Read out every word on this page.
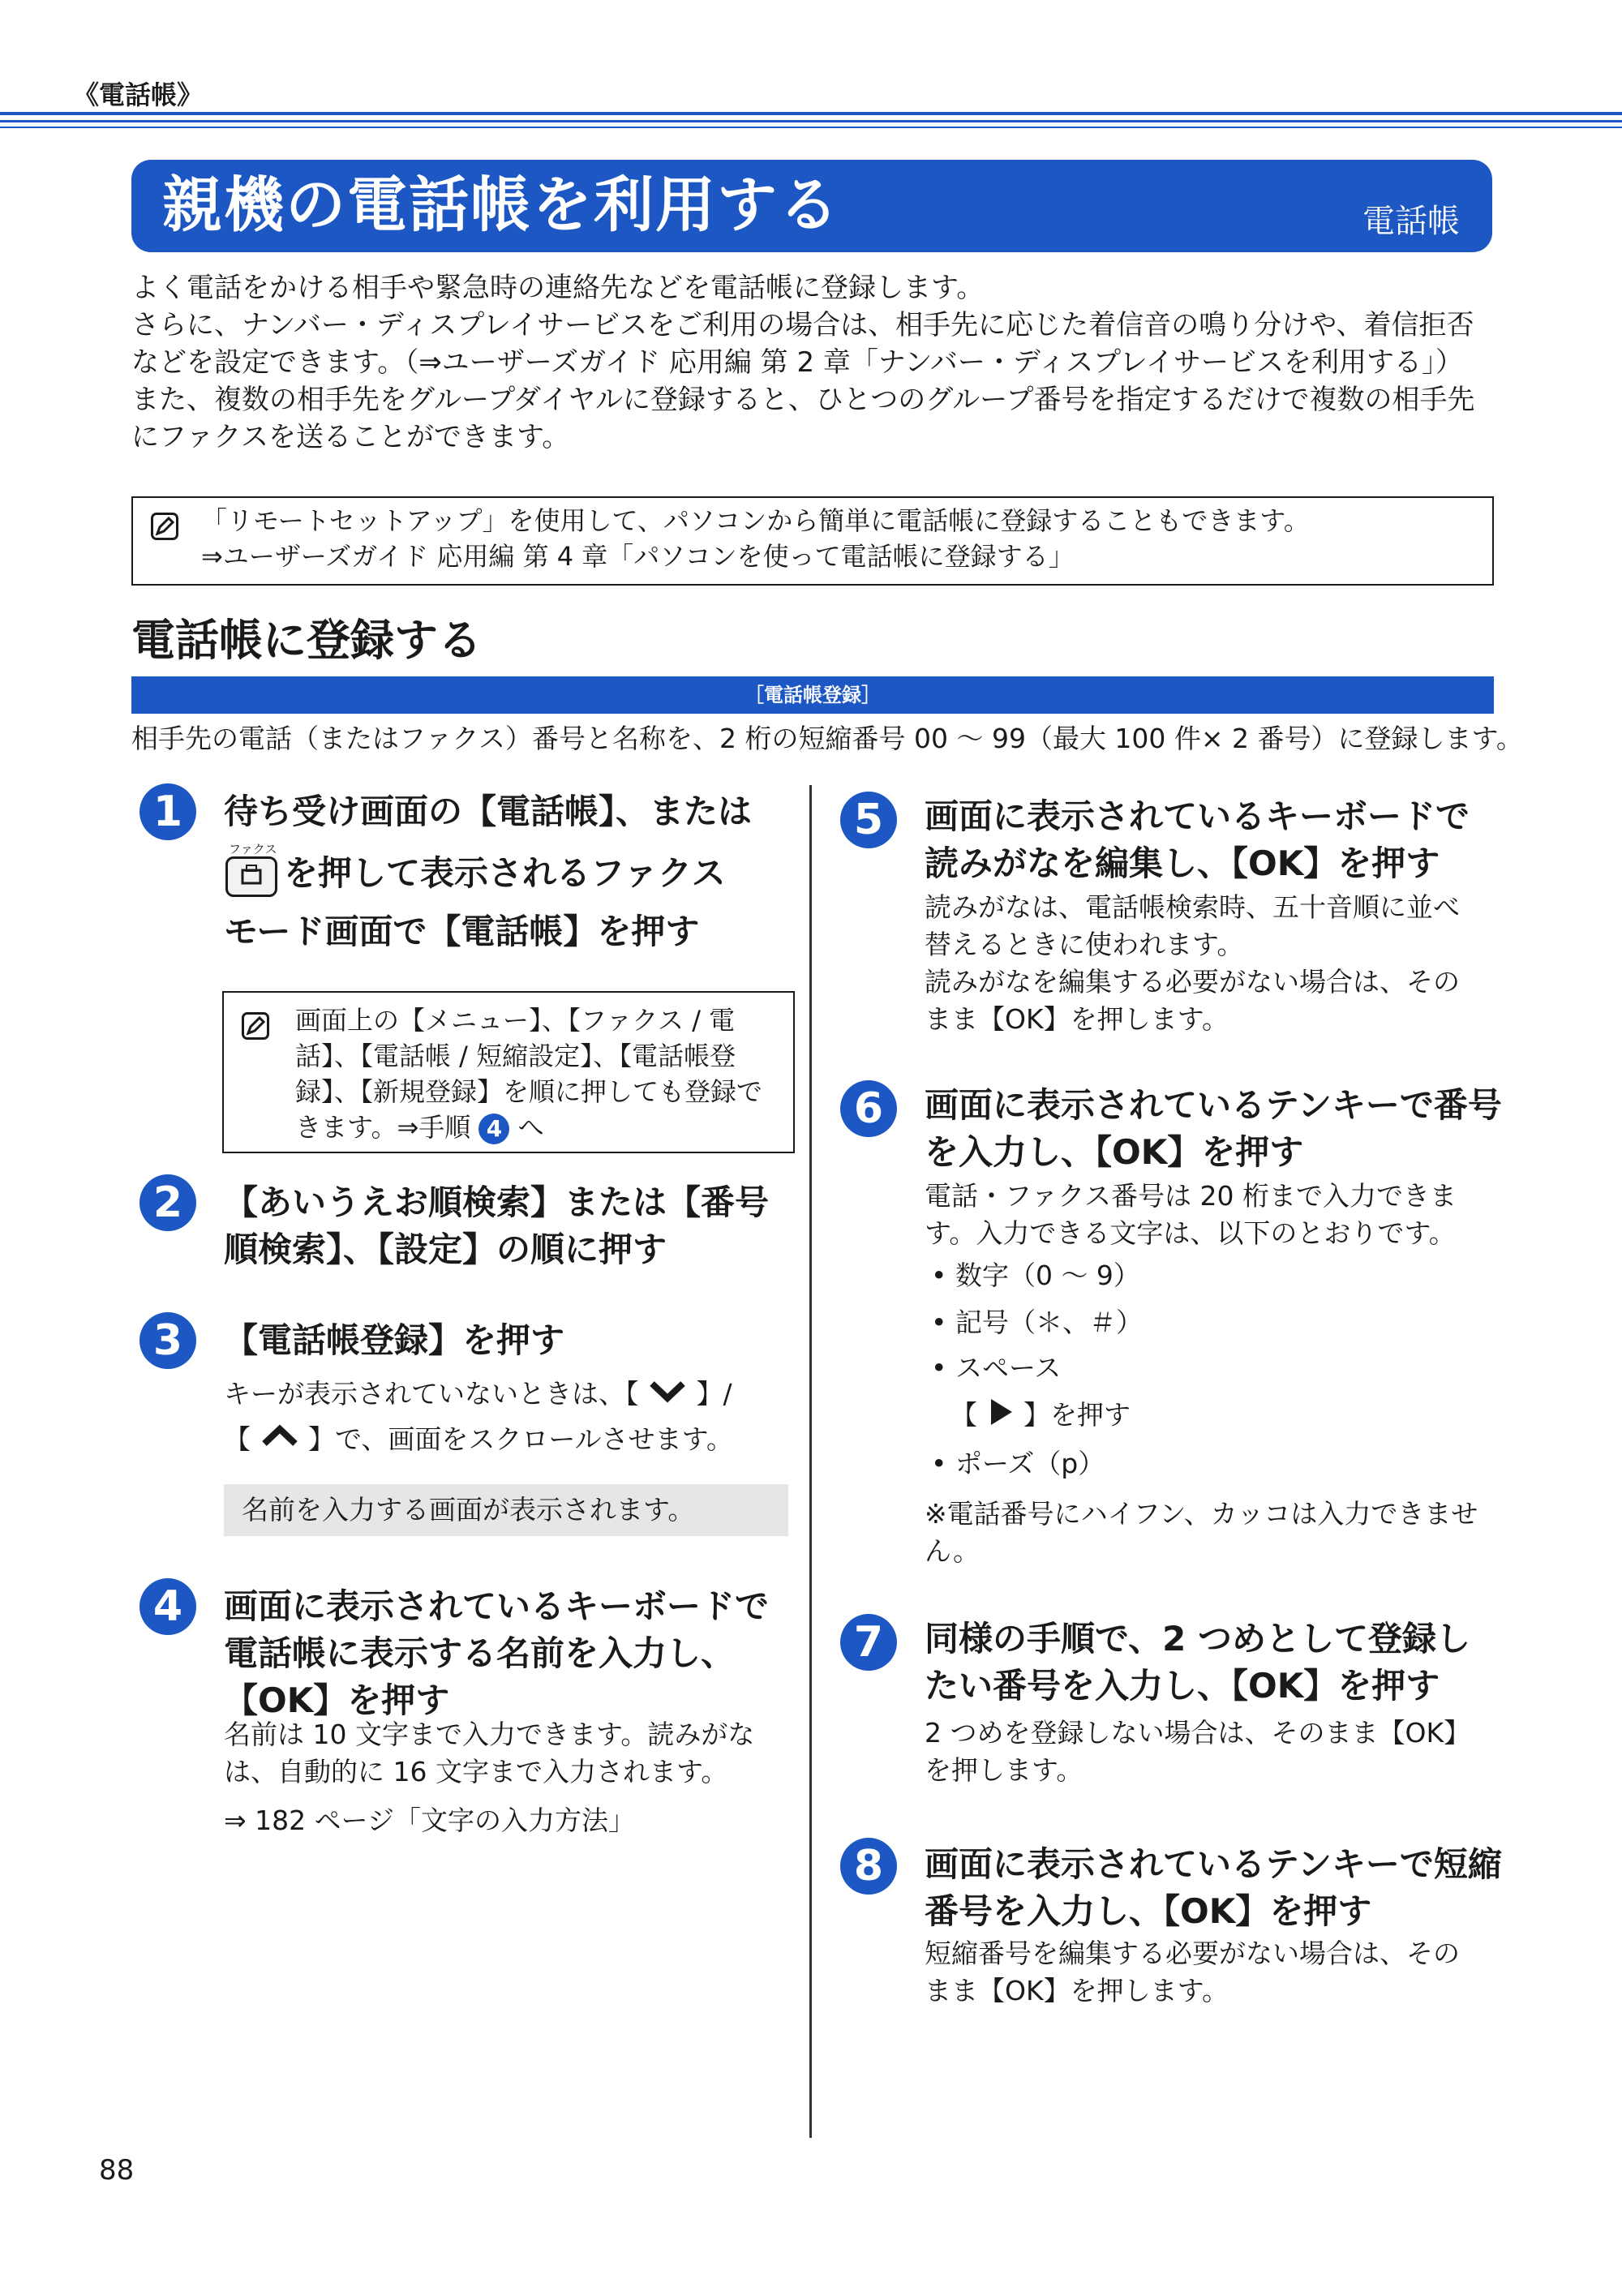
《電話帳》
親機の電話帳を利用する	電話帳

よく電話をかける相手や緊急時の連絡先などを電話帳に登録します。

さらに、ナンバー・ディスプレイサービスをご利用の場合は、相手先に応じた着信音の鳴り分けや、着信拒否などを設定できます。（⇒ユーザーズガイド 応用編 第 2 章「ナンバー・ディスプレイサービスを利用する」）

また、複数の相手先をグループダイヤルに登録すると、ひとつのグループ番号を指定するだけで複数の相手先にファクスを送ることができます。

「リモートセットアップ」を使用して、パソコンから簡単に電話帳に登録することもできます。
⇒ユーザーズガイド 応用編 第 4 章「パソコンを使って電話帳に登録する」
電話帳に登録する
［電話帳登録］
相手先の電話（またはファクス）番号と名称を、2 桁の短縮番号 00 〜 99（最大 100 件× 2 番号）に登録します。
1	待ち受け画面の【電話帳】、または
ファクス
を押して表示されるファクス
モード画面で【電話帳】を押す
画面上の【メニュー】、【ファクス / 電話】、【電話帳 / 短縮設定】、【電話帳登録】、【新規登録】を順に押しても登録できます。⇒手順 4 へ
2	【あいうえお順検索】または【番号順検索】、【設定】の順に押す
3	【電話帳登録】を押す
キーが表示されていないときは、【 】/
【 】で、画面をスクロールさせます。
名前を入力する画面が表示されます。
4	画面に表示されているキーボードで電話帳に表示する名前を入力し、【OK】を押す
名前は 10 文字まで入力できます。読みがなは、自動的に 16 文字まで入力されます。
⇒ 182 ページ「文字の入力方法」
5	画面に表示されているキーボードで読みがなを編集し、【OK】を押す

読みがなは、電話帳検索時、五十音順に並べ替えるときに使われます。

読みがなを編集する必要がない場合は、そのまま【OK】を押します。

6	画面に表示されているテンキーで番号を入力し、【OK】を押す
電話・ファクス番号は 20 桁まで入力できます。入力できる文字は、以下のとおりです。
• 数字（0 〜 9）
• 記号（＊、＃）
• スペース
【 】を押す
• ポーズ（p）
※電話番号にハイフン、カッコは入力できません。
7	同様の手順で、2 つめとして登録したい番号を入力し、【OK】を押す
2 つめを登録しない場合は、そのまま【OK】を押します。
8	画面に表示されているテンキーで短縮番号を入力し、【OK】を押す
短縮番号を編集する必要がない場合は、そのまま【OK】を押します。
88
